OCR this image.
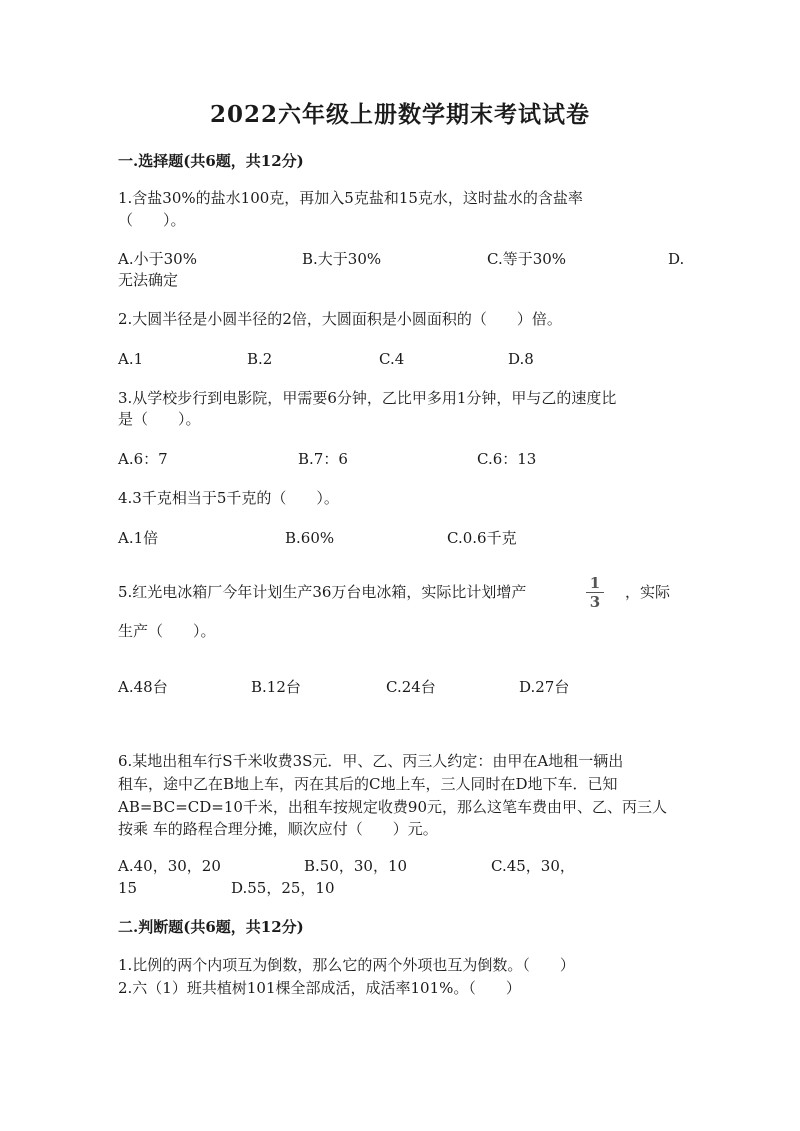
2022六年级上册数学期末考试试卷
一.选择题(共6题，共12分)
1.含盐30%的盐水100克，再加入5克盐和15克水，这时盐水的含盐率
（　　）。
A.小于30%	B.大于30%	C.等于30%	D.
无法确定
2.大圆半径是小圆半径的2倍，大圆面积是小圆面积的（　　）倍。
A.1	B.2	C.4	D.8
3.从学校步行到电影院，甲需要6分钟，乙比甲多用1分钟，甲与乙的速度比
是（　　）。
A.6：7	B.7：6	C.6：13
4.3千克相当于5千克的（　　）。
A.1倍	B.60%	C.0.6千克
5.红光电冰箱厂今年计划生产36万台电冰箱，实际比计划增产	1
3
，实际
生产（　　）。
A.48台	B.12台	C.24台	D.27台
6.某地出租车行S千米收费3S元．甲、乙、丙三人约定：由甲在A地租一辆出
租车，途中乙在B地上车，丙在其后的C地上车，三人同时在D地下车．已知
AB=BC=CD=10千米，出租车按规定收费90元，那么这笔车费由甲、乙、丙三人
按乘 车的路程合理分摊，顺次应付（　　）元。
A.40，30，20	B.50，30，10	C.45，30，
15	D.55，25，10
二.判断题(共6题，共12分)
1.比例的两个内项互为倒数，那么它的两个外项也互为倒数。（　　）
2.六（1）班共植树101棵全部成活，成活率101%。（　　）
